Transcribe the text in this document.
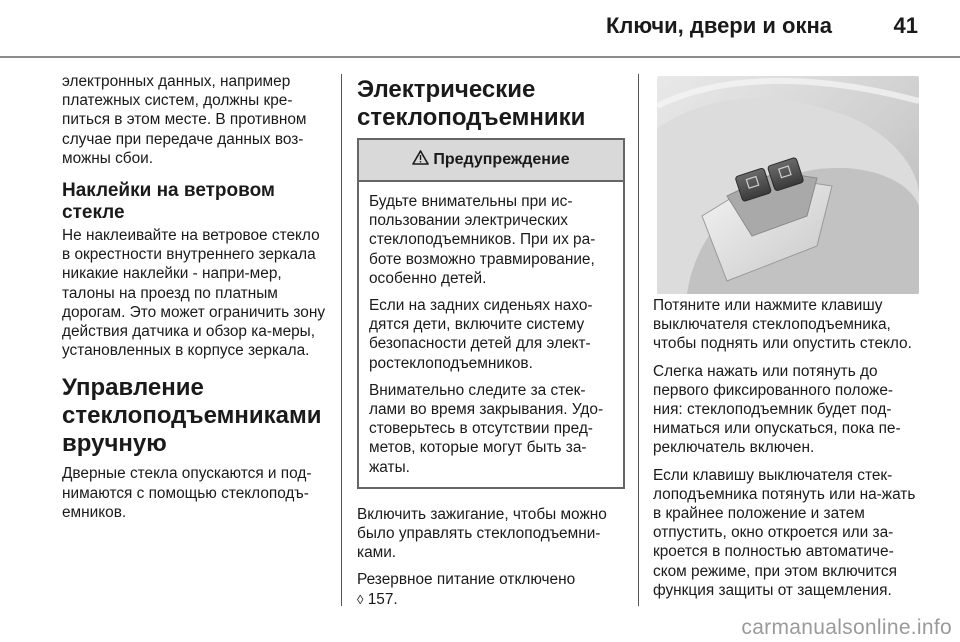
Ключи, двери и окна	41

электронных данных, например платежных систем, должны кре-питься в этом месте. В противном случае при передаче данных воз-можны сбои.

Наклейки на ветровом стекле

Не наклеивайте на ветровое стекло в окрестности внутреннего зеркала никакие наклейки - напри-мер, талоны на проезд по платным дорогам. Это может ограничить зону действия датчика и обзор ка-меры, установленных в корпусе зеркала.

Управление стеклоподъемниками вручную

Дверные стекла опускаются и под-нимаются с помощью стеклоподъ-емников.

Электрические стеклоподъемники
Предупреждение

Будьте внимательны при ис-пользовании электрических стеклоподъемников. При их ра-боте возможно травмирование, особенно детей.

Если на задних сиденьях нахо-дятся дети, включите систему безопасности детей для элект-ростеклоподъемников.

Внимательно следите за стек-лами во время закрывания. Удо-стоверьтесь в отсутствии пред-метов, которые могут быть за-жаты.

Включить зажигание, чтобы можно было управлять стеклоподъемни-ками.

Резервное питание отключено
◊ 157.

Потяните или нажмите клавишу выключателя стеклоподъемника, чтобы поднять или опустить стекло.

Слегка нажать или потянуть до первого фиксированного положе-ния: стеклоподъемник будет под-ниматься или опускаться, пока пе-реключатель включен.

Если клавишу выключателя стек-лоподъемника потянуть или на-жать в крайнее положение и затем отпустить, окно откроется или за-кроется в полностью автоматиче-ском режиме, при этом включится функция защиты от защемления.

carmanualsonline.info
